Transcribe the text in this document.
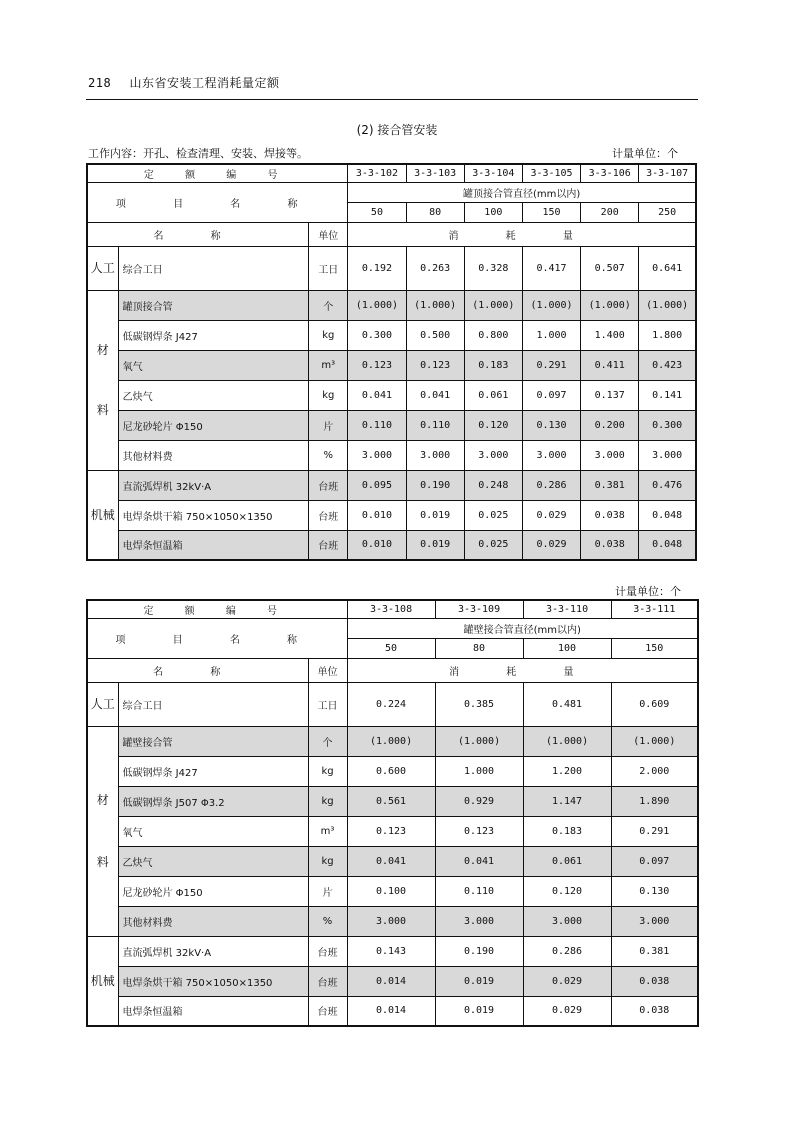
218 山东省安装工程消耗量定额
(2) 接合管安装
工作内容：开孔、检查清理、安装、焊接等。	计量单位：个
计量单位：个
定 额 编 号			3-3-102	3-3-103	3-3-104	3-3-105	3-3-106	3-3-107
项 目 名 称			罐顶接合管直径(mm以内)					
			50	80	100	150	200	250
名 称		单位	消 耗 量					
人工	综合工日	工日	0.192	0.263	0.328	0.417	0.507	0.641

材
料	罐顶接合管	个	(1.000)	(1.000)	(1.000)	(1.000)	(1.000)	(1.000)
	低碳钢焊条 J427	kg	0.300	0.500	0.800	1.000	1.400	1.800
	氧气	m³	0.123	0.123	0.183	0.291	0.411	0.423
	乙炔气	kg	0.041	0.041	0.061	0.097	0.137	0.141
	尼龙砂轮片 Φ150	片	0.110	0.110	0.120	0.130	0.200	0.300
	其他材料费	%	3.000	3.000	3.000	3.000	3.000	3.000
机械	直流弧焊机 32kV·A	台班	0.095	0.190	0.248	0.286	0.381	0.476
	电焊条烘干箱 750×1050×1350	台班	0.010	0.019	0.025	0.029	0.038	0.048
	电焊条恒温箱	台班	0.010	0.019	0.025	0.029	0.038	0.048
定 额 编 号			3-3-108	3-3-109	3-3-110	3-3-111
项 目 名 称			罐壁接合管直径(mm以内)			
			50	80	100	150
名 称		单位	消 耗 量			
人工	综合工日	工日	0.224	0.385	0.481	0.609

材
料	罐壁接合管	个	(1.000)	(1.000)	(1.000)	(1.000)
	低碳钢焊条 J427	kg	0.600	1.000	1.200	2.000
	低碳钢焊条 J507 Φ3.2	kg	0.561	0.929	1.147	1.890
	氧气	m³	0.123	0.123	0.183	0.291
	乙炔气	kg	0.041	0.041	0.061	0.097
	尼龙砂轮片 Φ150	片	0.100	0.110	0.120	0.130
	其他材料费	%	3.000	3.000	3.000	3.000
机械	直流弧焊机 32kV·A	台班	0.143	0.190	0.286	0.381
	电焊条烘干箱 750×1050×1350	台班	0.014	0.019	0.029	0.038
	电焊条恒温箱	台班	0.014	0.019	0.029	0.038
